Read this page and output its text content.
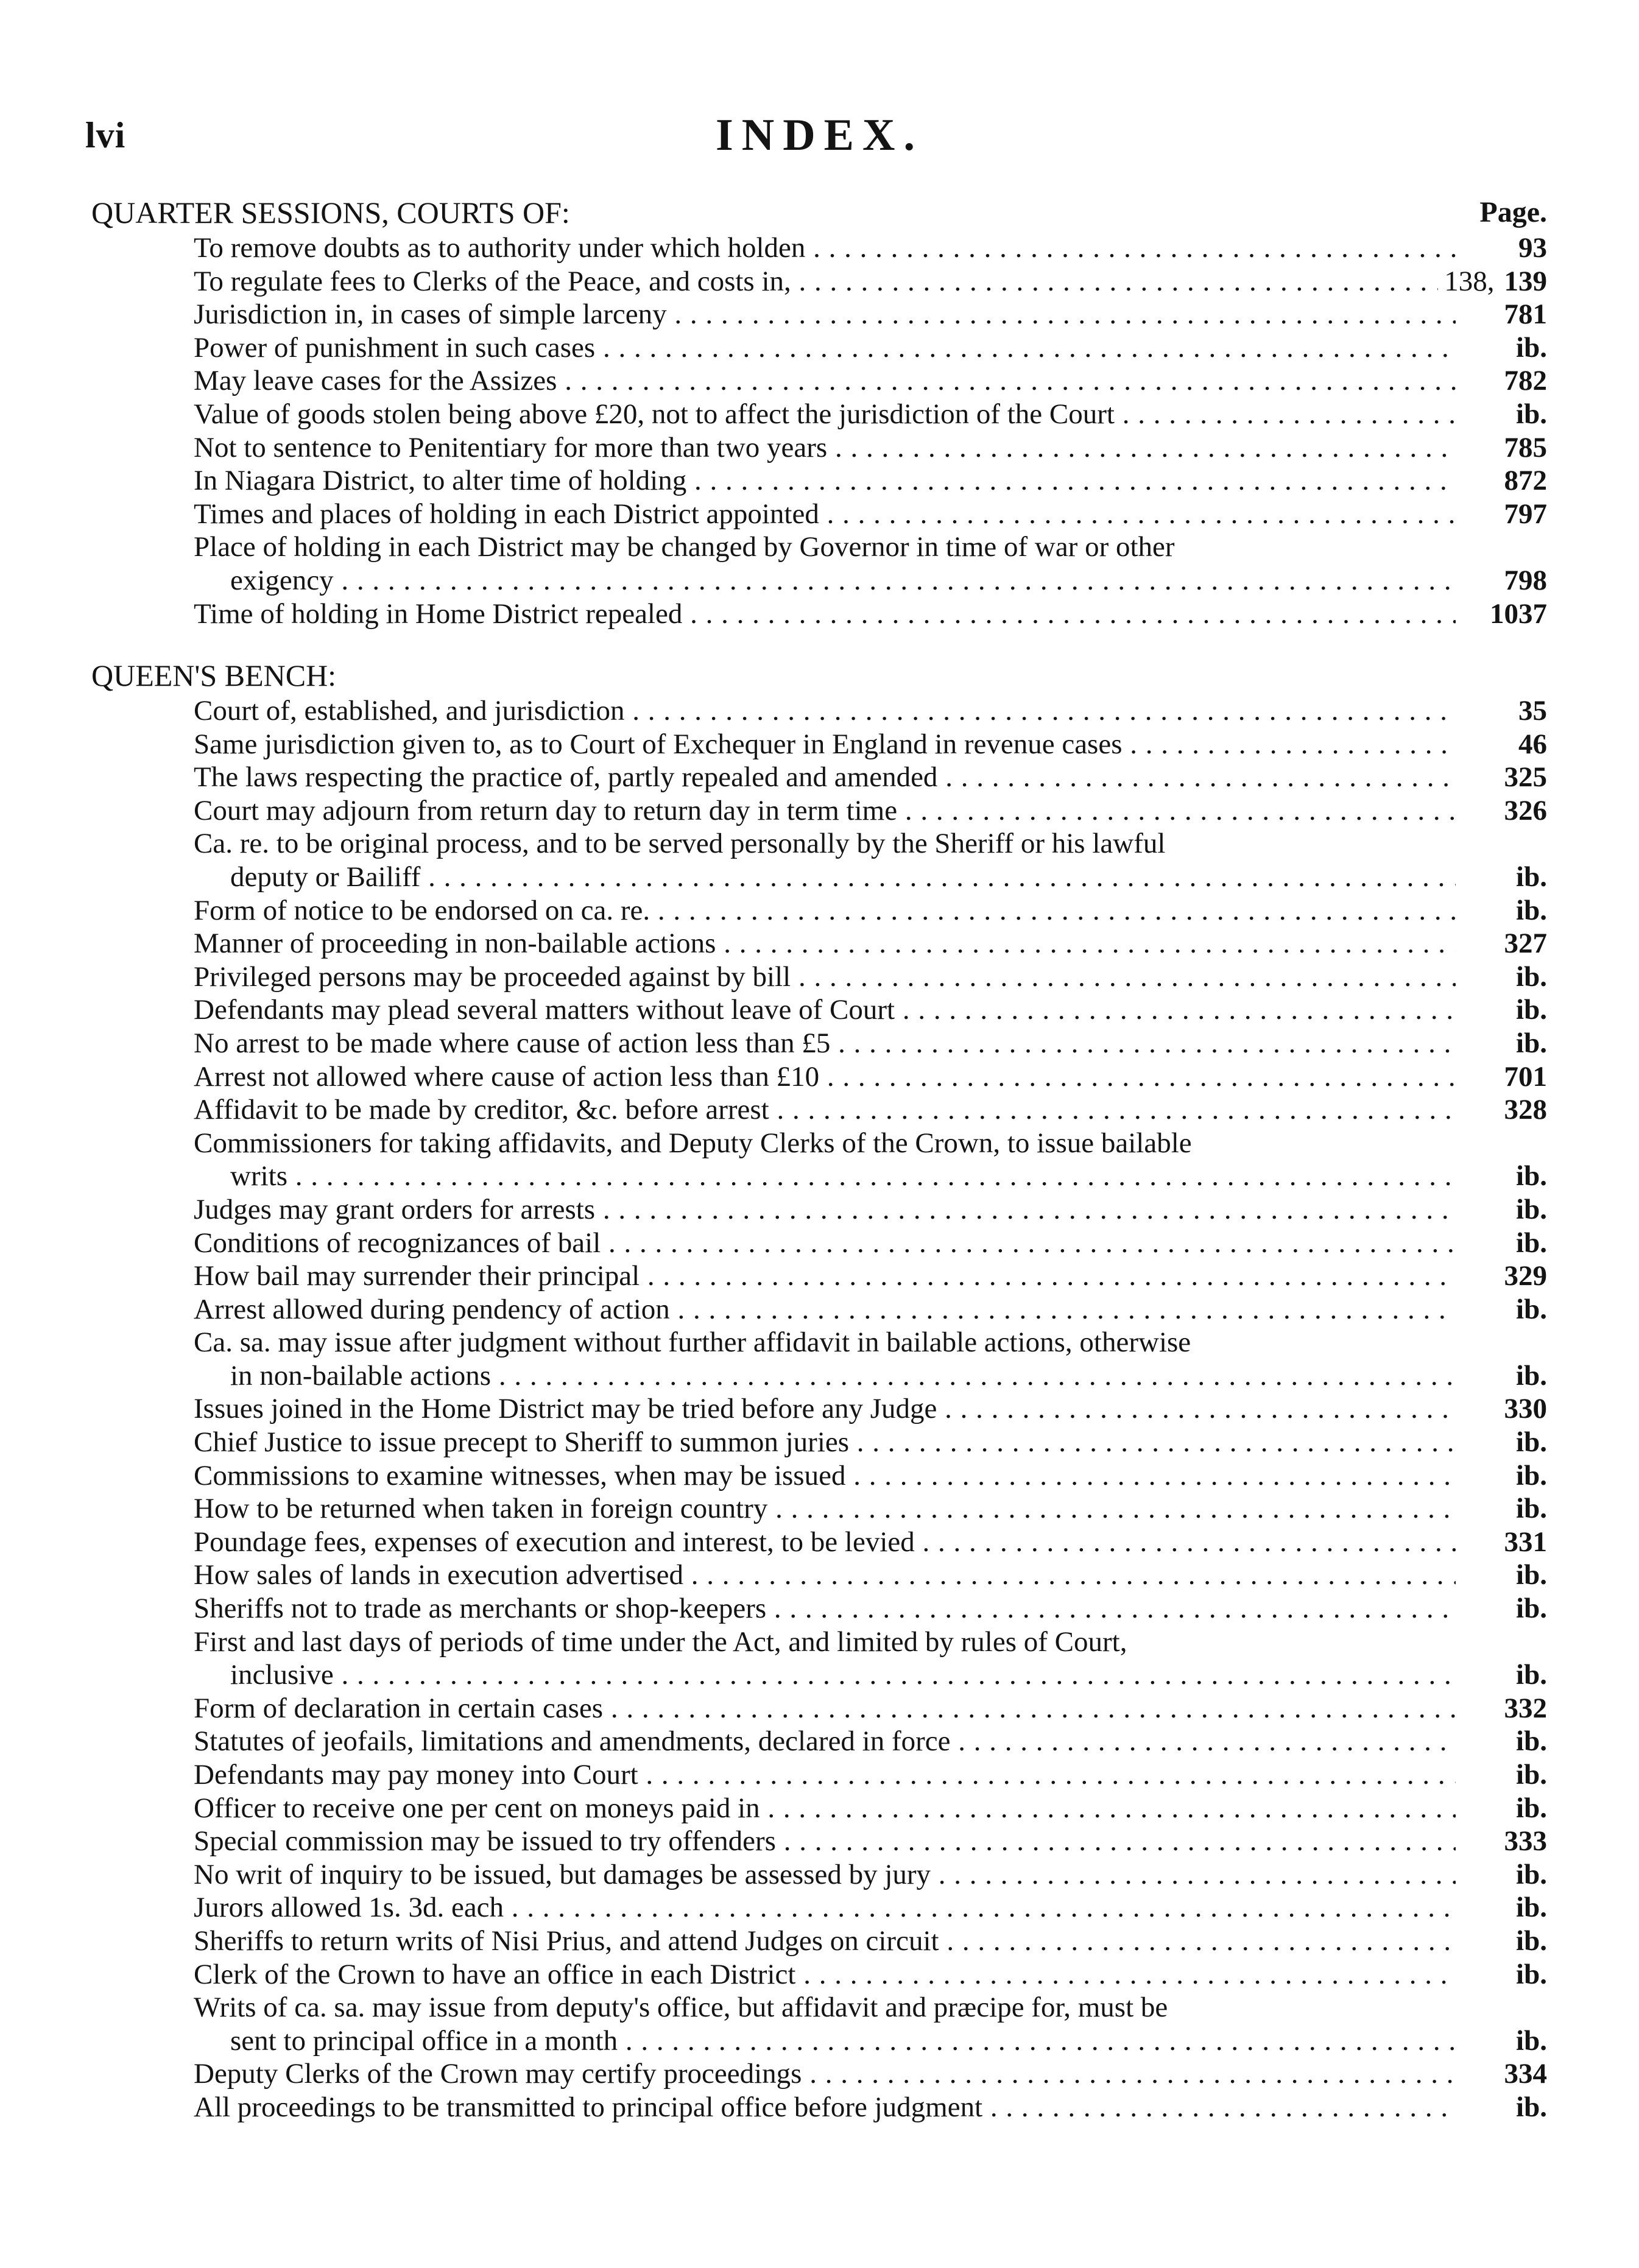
lvi	INDEX.
QUARTER SESSIONS, COURTS OF:	Page.
To remove doubts as to authority under which holden . . .	93
To regulate fees to Clerks of the Peace, and costs in, . . .	138, 139
Jurisdiction in, in cases of simple larceny . . .	781
Power of punishment in such cases . . .	ib.
May leave cases for the Assizes . . .	782
Value of goods stolen being above £20, not to affect the jurisdiction of the Court . . .	ib.
Not to sentence to Penitentiary for more than two years . . .	785
In Niagara District, to alter time of holding . . .	872
Times and places of holding in each District appointed . . .	797
Place of holding in each District may be changed by Governor in time of war or other
exigency . . .	798
Time of holding in Home District repealed . . .	1037
QUEEN'S BENCH:
Court of, established, and jurisdiction . . .	35
Same jurisdiction given to, as to Court of Exchequer in England in revenue cases . . .	46
The laws respecting the practice of, partly repealed and amended . . .	325
Court may adjourn from return day to return day in term time . . .	326
Ca. re. to be original process, and to be served personally by the Sheriff or his lawful
deputy or Bailiff . . .	ib.
Form of notice to be endorsed on ca. re. . . .	ib.
Manner of proceeding in non-bailable actions . . .	327
Privileged persons may be proceeded against by bill . . .	ib.
Defendants may plead several matters without leave of Court . . .	ib.
No arrest to be made where cause of action less than £5 . . .	ib.
Arrest not allowed where cause of action less than £10 . . .	701
Affidavit to be made by creditor, &c. before arrest . . .	328
Commissioners for taking affidavits, and Deputy Clerks of the Crown, to issue bailable
writs . . .	ib.
Judges may grant orders for arrests . . .	ib.
Conditions of recognizances of bail . . .	ib.
How bail may surrender their principal . . .	329
Arrest allowed during pendency of action . . .	ib.
Ca. sa. may issue after judgment without further affidavit in bailable actions, otherwise
in non-bailable actions . . .	ib.
Issues joined in the Home District may be tried before any Judge . . .	330
Chief Justice to issue precept to Sheriff to summon juries . . .	ib.
Commissions to examine witnesses, when may be issued . . .	ib.
How to be returned when taken in foreign country . . .	ib.
Poundage fees, expenses of execution and interest, to be levied . . .	331
How sales of lands in execution advertised . . .	ib.
Sheriffs not to trade as merchants or shop-keepers . . .	ib.
First and last days of periods of time under the Act, and limited by rules of Court,
inclusive . . .	ib.
Form of declaration in certain cases . . .	332
Statutes of jeofails, limitations and amendments, declared in force . . .	ib.
Defendants may pay money into Court . . .	ib.
Officer to receive one per cent on moneys paid in . . .	ib.
Special commission may be issued to try offenders . . .	333
No writ of inquiry to be issued, but damages be assessed by jury . . .	ib.
Jurors allowed 1s. 3d. each . . .	ib.
Sheriffs to return writs of Nisi Prius, and attend Judges on circuit . . .	ib.
Clerk of the Crown to have an office in each District . . .	ib.
Writs of ca. sa. may issue from deputy's office, but affidavit and præcipe for, must be
sent to principal office in a month . . .	ib.
Deputy Clerks of the Crown may certify proceedings . . .	334
All proceedings to be transmitted to principal office before judgment . . .	ib.
